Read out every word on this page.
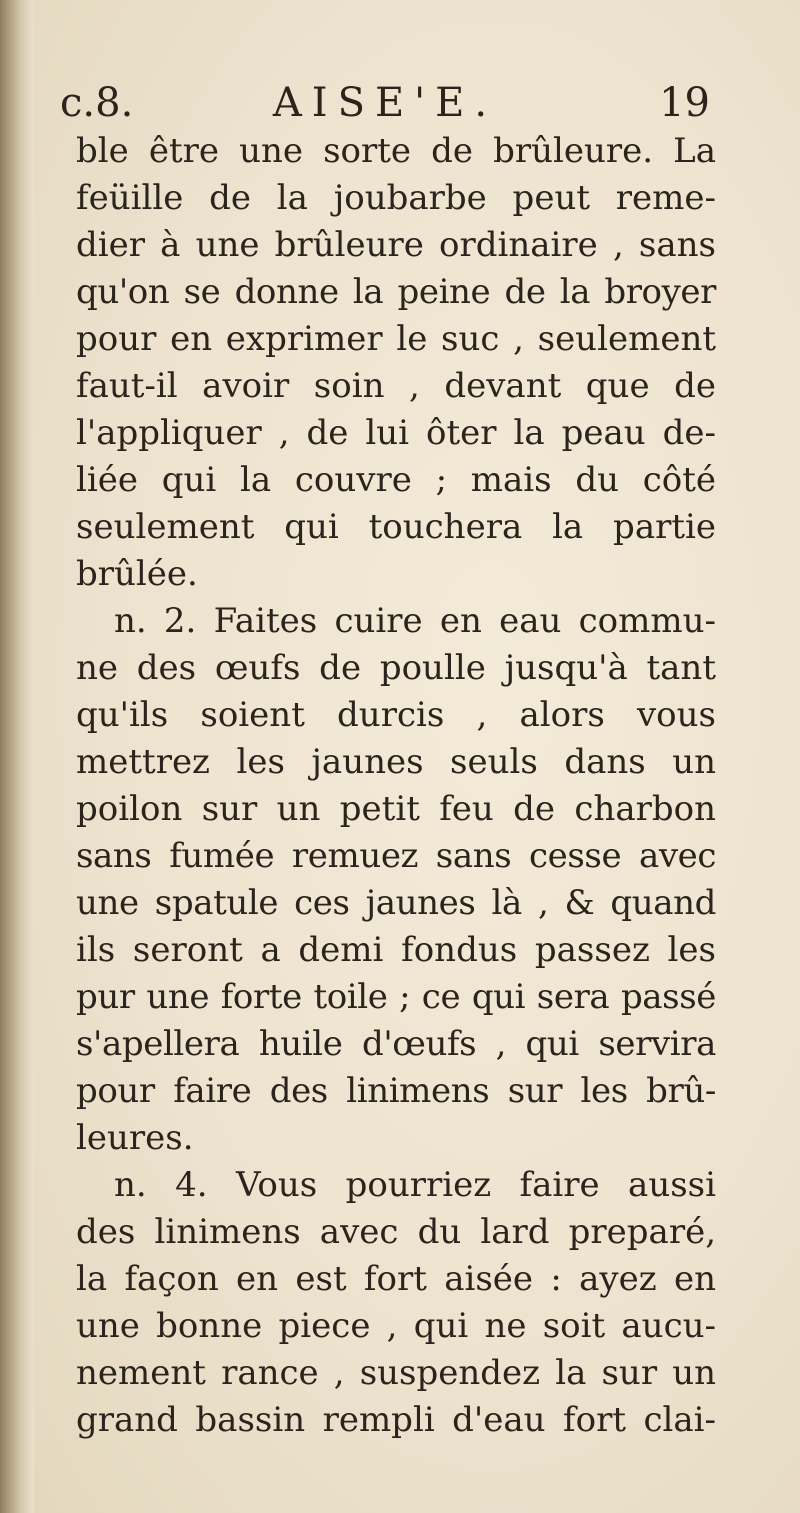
c.8.	AISE'E.	19
ble être une sorte de brûleure. La
feüille de la joubarbe peut reme-
dier à une brûleure ordinaire , sans
qu'on se donne la peine de la broyer
pour en exprimer le suc , seulement
faut-il avoir soin , devant que de
l'appliquer , de lui ôter la peau de-
liée qui la couvre ; mais du côté
seulement qui touchera la partie
brûlée.
n. 2. Faites cuire en eau commu-
ne des œufs de poulle jusqu'à tant
qu'ils soient durcis , alors vous
mettrez les jaunes seuls dans un
poilon sur un petit feu de charbon
sans fumée remuez sans cesse avec
une spatule ces jaunes là , & quand
ils seront a demi fondus passez les
pur une forte toile ; ce qui sera passé
s'apellera huile d'œufs , qui servira
pour faire des linimens sur les brû-
leures.
n. 4. Vous pourriez faire aussi
des linimens avec du lard preparé,
la façon en est fort aisée : ayez en
une bonne piece , qui ne soit aucu-
nement rance , suspendez la sur un
grand bassin rempli d'eau fort clai-
